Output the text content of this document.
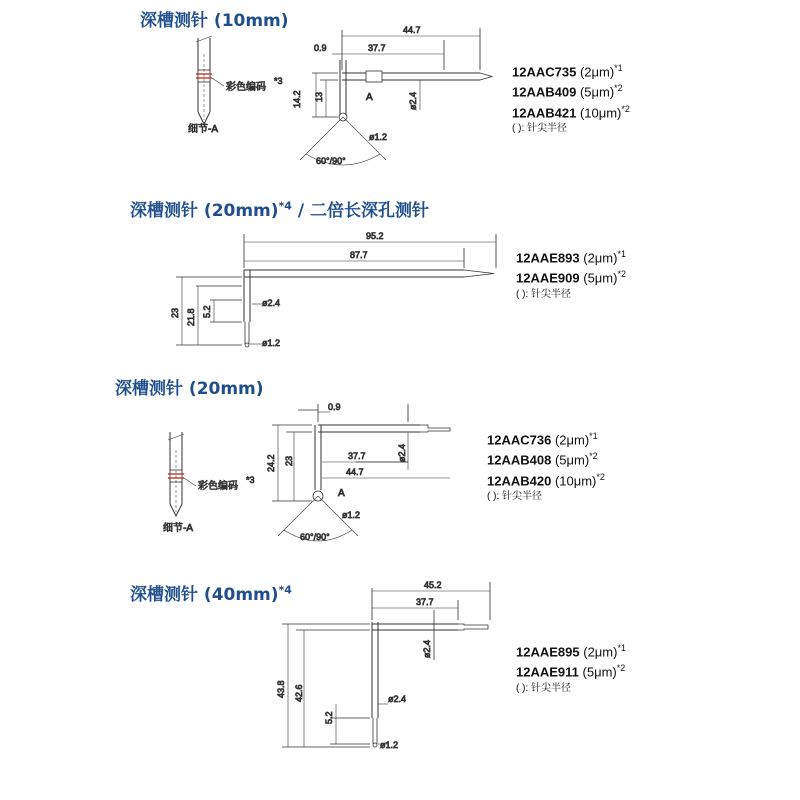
深槽测针 (10mm)
深槽测针 $(20mm)^{*4}$ / 二倍长深孔测针
深槽测针 (20mm)
深槽测针 $(40mm)^{*4}$
12AAC735 $(2\mu m)^{*1}$
12AAB409 $(5\mu m)^{*2}$
12AAB421 $(10\mu m)^{*2}$
( ): 针尖半径
12AAE893 $(2\mu m)^{*1}$
12AAE909 $(5\mu m)^{*2}$
( ): 针尖半径
12AAC736 $(2\mu m)^{*1}$
12AAB408 $(5\mu m)^{*2}$
12AAB420 $(10\mu m)^{*2}$
( ): 针尖半径
12AAE895 $(2\mu m)^{*1}$
12AAE911 $(5\mu m)^{*2}$
( ): 针尖半径
彩色编码
*3
细节-A
44.7
37.7
0.9
14.2 13	ø2.4
A
ø1.2
60°/90°
95.2
87.7
23 21.8 5.2
ø2.4
ø1.2
彩色编码
*3
细节-A
0.9
37.7
44.7
24.2 23	ø2.4
A
ø1.2
60°/90°
45.2
37.7
43.8 42.6
5.2
ø2.4
ø2.4
ø1.2
